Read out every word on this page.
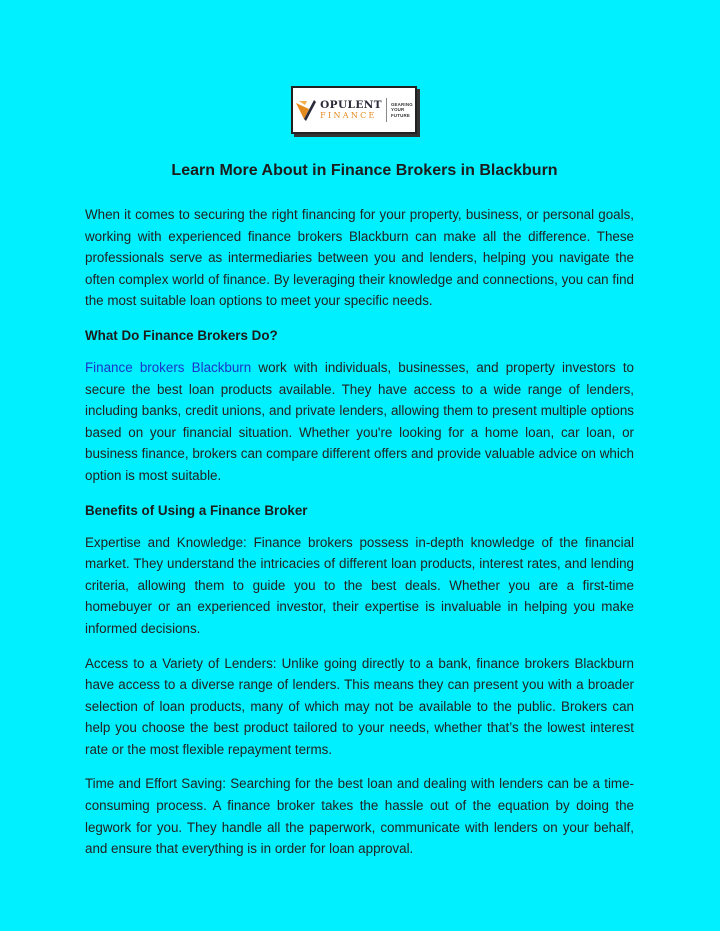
OPULENT
FINANCE
GEARING
YOUR
FUTURE
Learn More About in Finance Brokers in Blackburn

When it comes to securing the right financing for your property, business, or personal goals, working with experienced finance brokers Blackburn can make all the difference. These professionals serve as intermediaries between you and lenders, helping you navigate the often complex world of finance. By leveraging their knowledge and connections, you can find the most suitable loan options to meet your specific needs.

What Do Finance Brokers Do?

Finance brokers Blackburn work with individuals, businesses, and property investors to secure the best loan products available. They have access to a wide range of lenders, including banks, credit unions, and private lenders, allowing them to present multiple options based on your financial situation. Whether you're looking for a home loan, car loan, or business finance, brokers can compare different offers and provide valuable advice on which option is most suitable.

Benefits of Using a Finance Broker

Expertise and Knowledge: Finance brokers possess in-depth knowledge of the financial market. They understand the intricacies of different loan products, interest rates, and lending criteria, allowing them to guide you to the best deals. Whether you are a first-time homebuyer or an experienced investor, their expertise is invaluable in helping you make informed decisions.

Access to a Variety of Lenders: Unlike going directly to a bank, finance brokers Blackburn have access to a diverse range of lenders. This means they can present you with a broader selection of loan products, many of which may not be available to the public. Brokers can help you choose the best product tailored to your needs, whether that’s the lowest interest rate or the most flexible repayment terms.

Time and Effort Saving: Searching for the best loan and dealing with lenders can be a time-consuming process. A finance broker takes the hassle out of the equation by doing the legwork for you. They handle all the paperwork, communicate with lenders on your behalf, and ensure that everything is in order for loan approval.
